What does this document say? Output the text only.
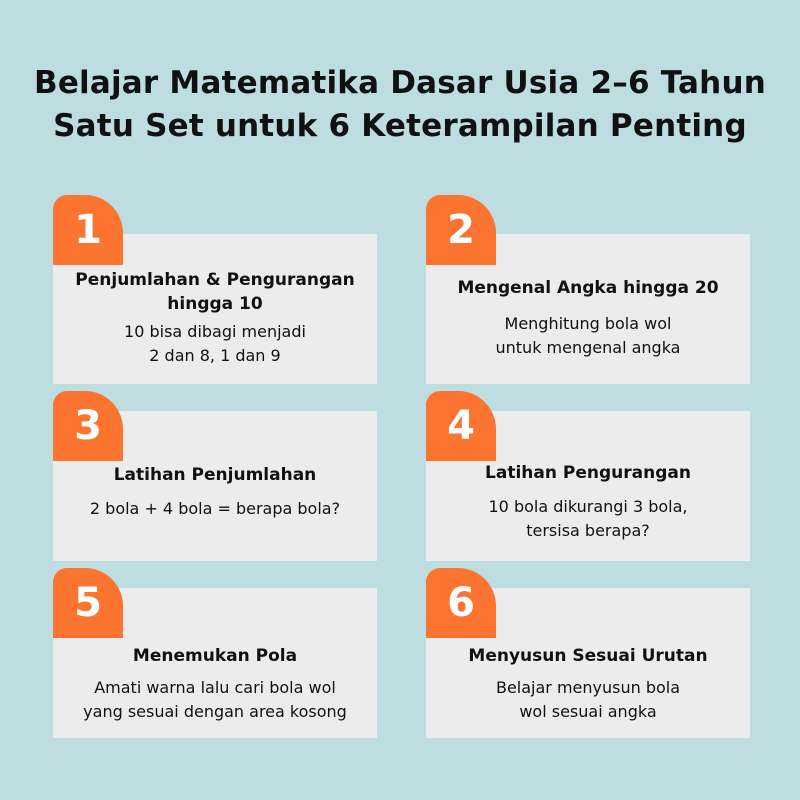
Belajar Matematika Dasar Usia 2–6 Tahun
Satu Set untuk 6 Keterampilan Penting
Penjumlahan & Pengurangan
hingga 10
10 bisa dibagi menjadi
2 dan 8, 1 dan 9
1
Mengenal Angka hingga 20
Menghitung bola wol
untuk mengenal angka
2
Latihan Penjumlahan
2 bola + 4 bola = berapa bola?
3
Latihan Pengurangan
10 bola dikurangi 3 bola,
tersisa berapa?
4
Menemukan Pola
Amati warna lalu cari bola wol
yang sesuai dengan area kosong
5
Menyusun Sesuai Urutan
Belajar menyusun bola
wol sesuai angka
6
